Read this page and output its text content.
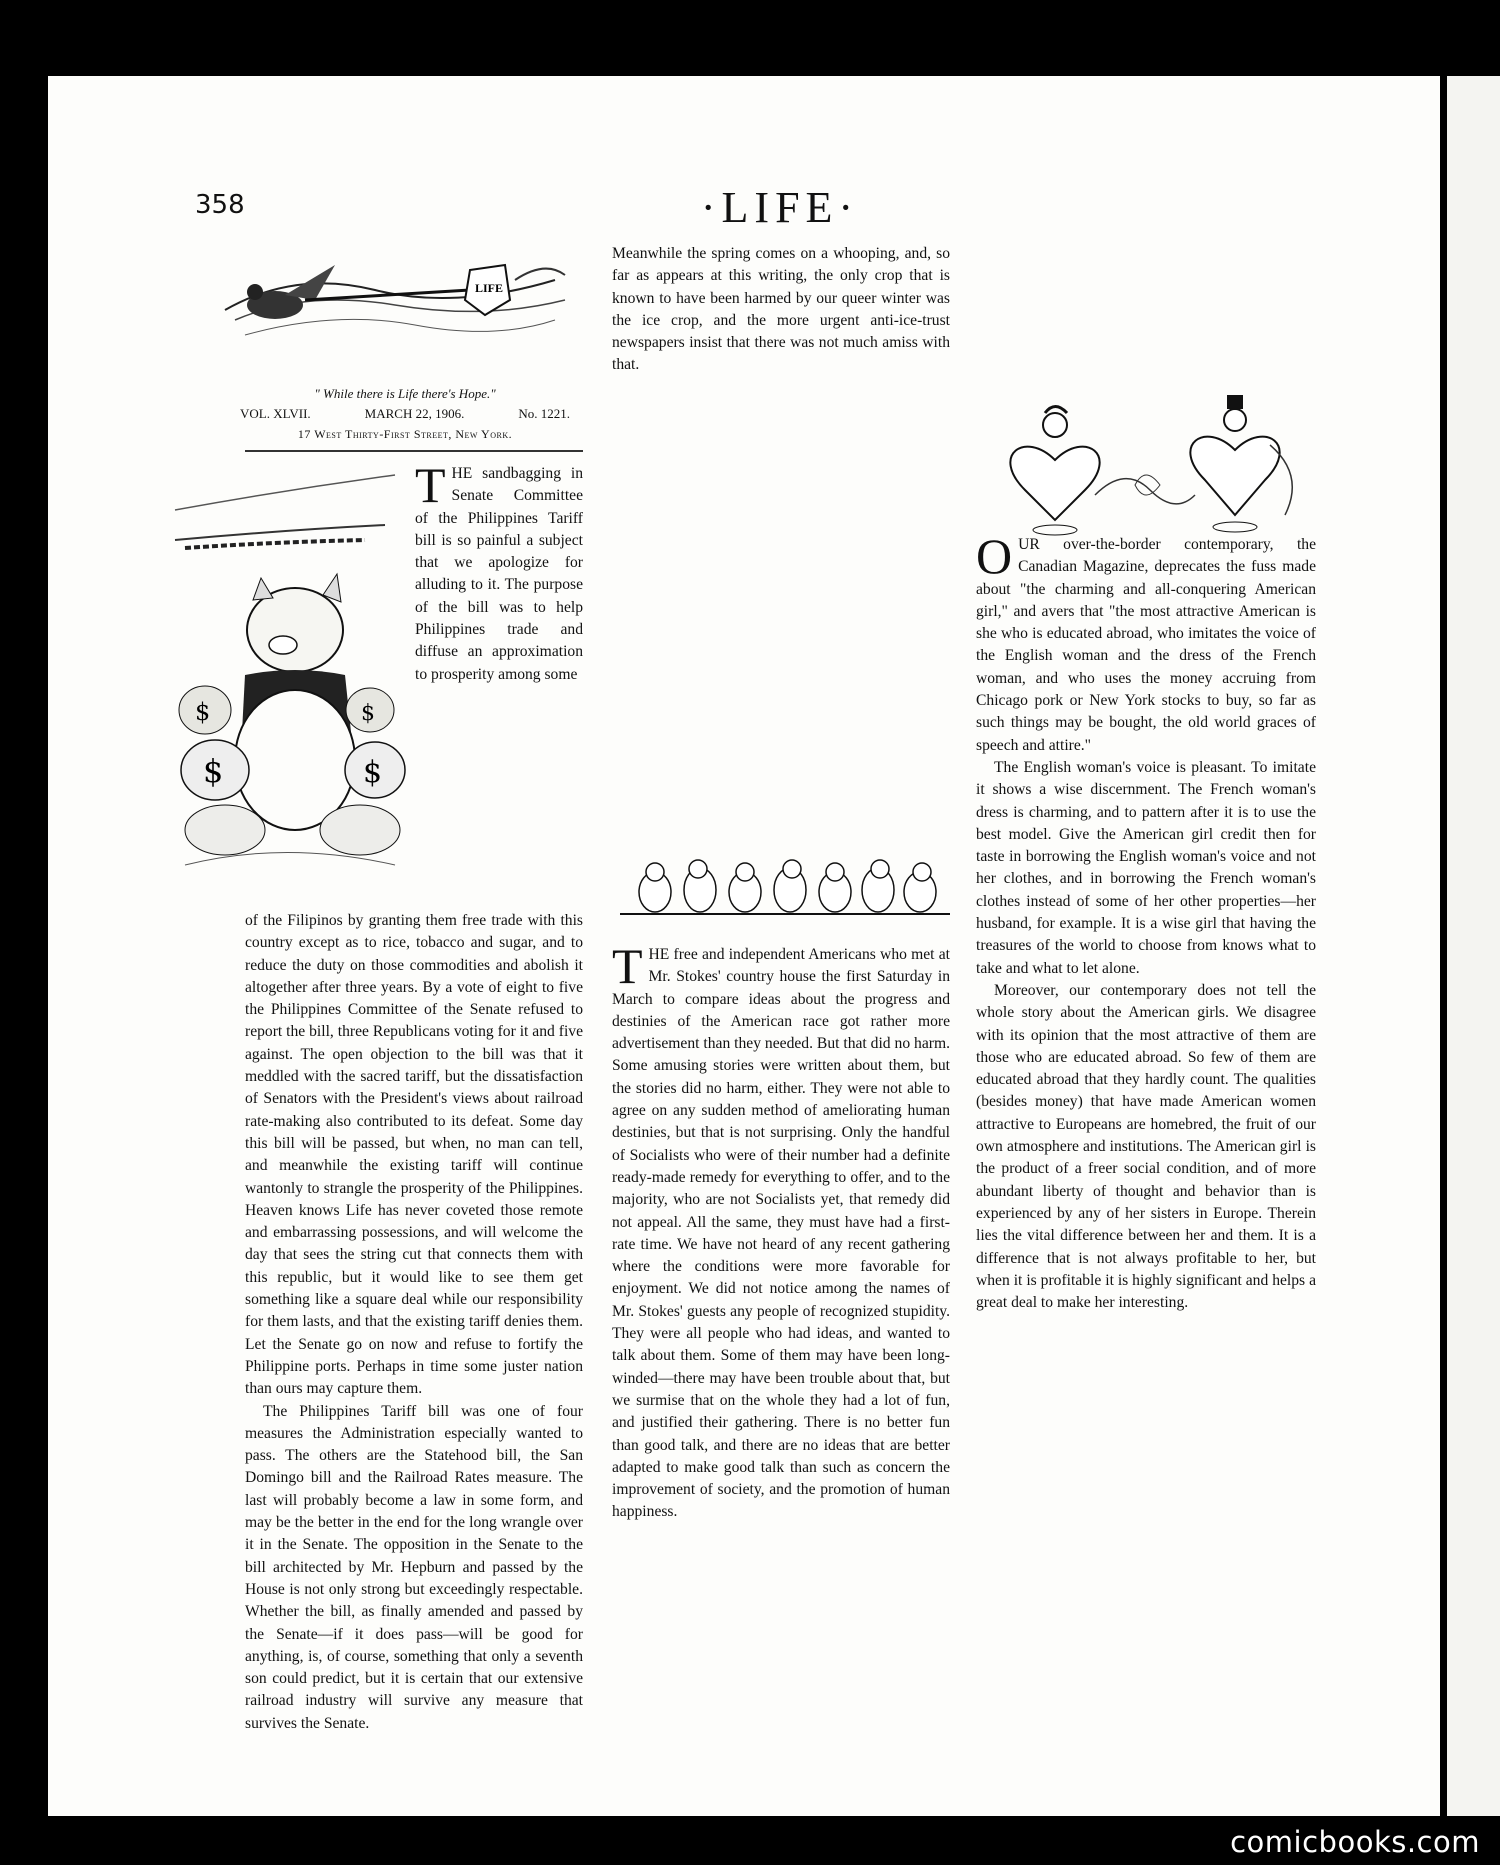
358	·LIFE·
LIFE
" While there is Life there's Hope."
VOL. XLVII.	MARCH 22, 1906.	No. 1221.
17 West Thirty-First Street, New York.
$	$
$	$
T HE sandbagging in Senate Committee of the Philippines Tariff bill is so painful a subject that we apologize for alluding to it. The purpose of the bill was to help Philippines trade and diffuse an approximation to prosperity among some

of the Filipinos by granting them free trade with this country except as to rice, tobacco and sugar, and to reduce the duty on those commodities and abolish it altogether after three years. By a vote of eight to five the Philippines Committee of the Senate refused to report the bill, three Republicans voting for it and five against. The open objection to the bill was that it meddled with the sacred tariff, but the dissatisfaction of Senators with the President's views about railroad rate-making also contributed to its defeat. Some day this bill will be passed, but when, no man can tell, and meanwhile the existing tariff will continue wantonly to strangle the prosperity of the Philippines. Heaven knows Life has never coveted those remote and embarrassing possessions, and will welcome the day that sees the string cut that connects them with this republic, but it would like to see them get something like a square deal while our responsibility for them lasts, and that the existing tariff denies them. Let the Senate go on now and refuse to fortify the Philippine ports. Perhaps in time some juster nation than ours may capture them.

The Philippines Tariff bill was one of four measures the Administration especially wanted to pass. The others are the Statehood bill, the San Domingo bill and the Railroad Rates measure. The last will probably become a law in some form, and may be the better in the end for the long wrangle over it in the Senate. The opposition in the Senate to the bill architected by Mr. Hepburn and passed by the House is not only strong but exceedingly respectable. Whether the bill, as finally amended and passed by the Senate—if it does pass—will be good for anything, is, of course, something that only a seventh son could predict, but it is certain that our extensive railroad industry will survive any measure that survives the Senate.

Meanwhile the spring comes on a whooping, and, so far as appears at this writing, the only crop that is known to have been harmed by our queer winter was the ice crop, and the more urgent anti-ice-trust newspapers insist that there was not much amiss with that.

THE free and independent Americans who met at Mr. Stokes' country house the first Saturday in March to compare ideas about the progress and destinies of the American race got rather more advertisement than they needed. But that did no harm. Some amusing stories were written about them, but the stories did no harm, either. They were not able to agree on any sudden method of ameliorating human destinies, but that is not surprising. Only the handful of Socialists who were of their number had a definite ready-made remedy for everything to offer, and to the majority, who are not Socialists yet, that remedy did not appeal. All the same, they must have had a first-rate time. We have not heard of any recent gathering where the conditions were more favorable for enjoyment. We did not notice among the names of Mr. Stokes' guests any people of recognized stupidity. They were all people who had ideas, and wanted to talk about them. Some of them may have been long-winded—there may have been trouble about that, but we surmise that on the whole they had a lot of fun, and justified their gathering. There is no better fun than good talk, and there are no ideas that are better adapted to make good talk than such as concern the improvement of society, and the promotion of human happiness.

OUR over-the-border contemporary, the Canadian Magazine, deprecates the fuss made about "the charming and all-conquering American girl," and avers that "the most attractive American is she who is educated abroad, who imitates the voice of the English woman and the dress of the French woman, and who uses the money accruing from Chicago pork or New York stocks to buy, so far as such things may be bought, the old world graces of speech and attire."

The English woman's voice is pleasant. To imitate it shows a wise discernment. The French woman's dress is charming, and to pattern after it is to use the best model. Give the American girl credit then for taste in borrowing the English woman's voice and not her clothes, and in borrowing the French woman's clothes instead of some of her other properties—her husband, for example. It is a wise girl that having the treasures of the world to choose from knows what to take and what to let alone.

Moreover, our contemporary does not tell the whole story about the American girls. We disagree with its opinion that the most attractive of them are those who are educated abroad. So few of them are educated abroad that they hardly count. The qualities (besides money) that have made American women attractive to Europeans are homebred, the fruit of our own atmosphere and institutions. The American girl is the product of a freer social condition, and of more abundant liberty of thought and behavior than is experienced by any of her sisters in Europe. Therein lies the vital difference between her and them. It is a difference that is not always profitable to her, but when it is profitable it is highly significant and helps a great deal to make her interesting.

comicbooks.com
